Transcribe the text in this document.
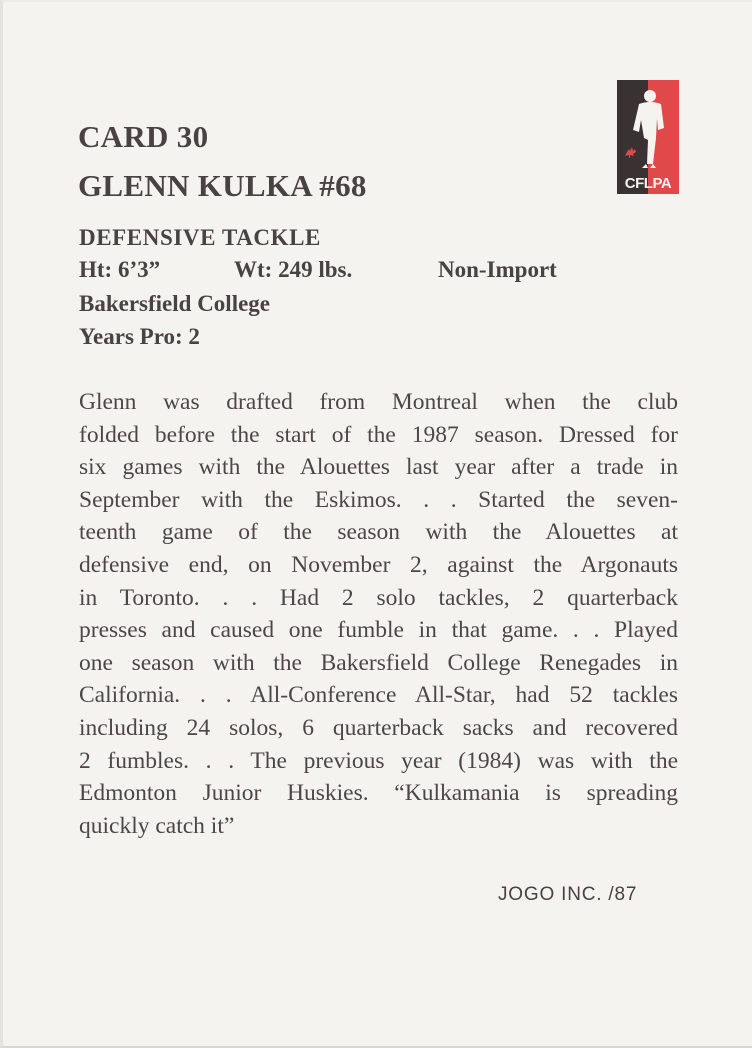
CARD 30
GLENN KULKA #68
DEFENSIVE TACKLE
Ht: 6’3”	Wt: 249 lbs.	Non-Import
Bakersfield College
Years Pro: 2
Glenn was drafted from Montreal when the club
folded before the start of the 1987 season. Dressed for
six games with the Alouettes last year after a trade in
September with the Eskimos. . . Started the seven-
teenth game of the season with the Alouettes at
defensive end, on November 2, against the Argonauts
in Toronto. . . Had 2 solo tackles, 2 quarterback
presses and caused one fumble in that game. . . Played
one season with the Bakersfield College Renegades in
California. . . All-Conference All-Star, had 52 tackles
including 24 solos, 6 quarterback sacks and recovered
2 fumbles. . . The previous year (1984) was with the
Edmonton Junior Huskies. “Kulkamania is spreading
quickly catch it”
JOGO INC. /87
CFLPA
